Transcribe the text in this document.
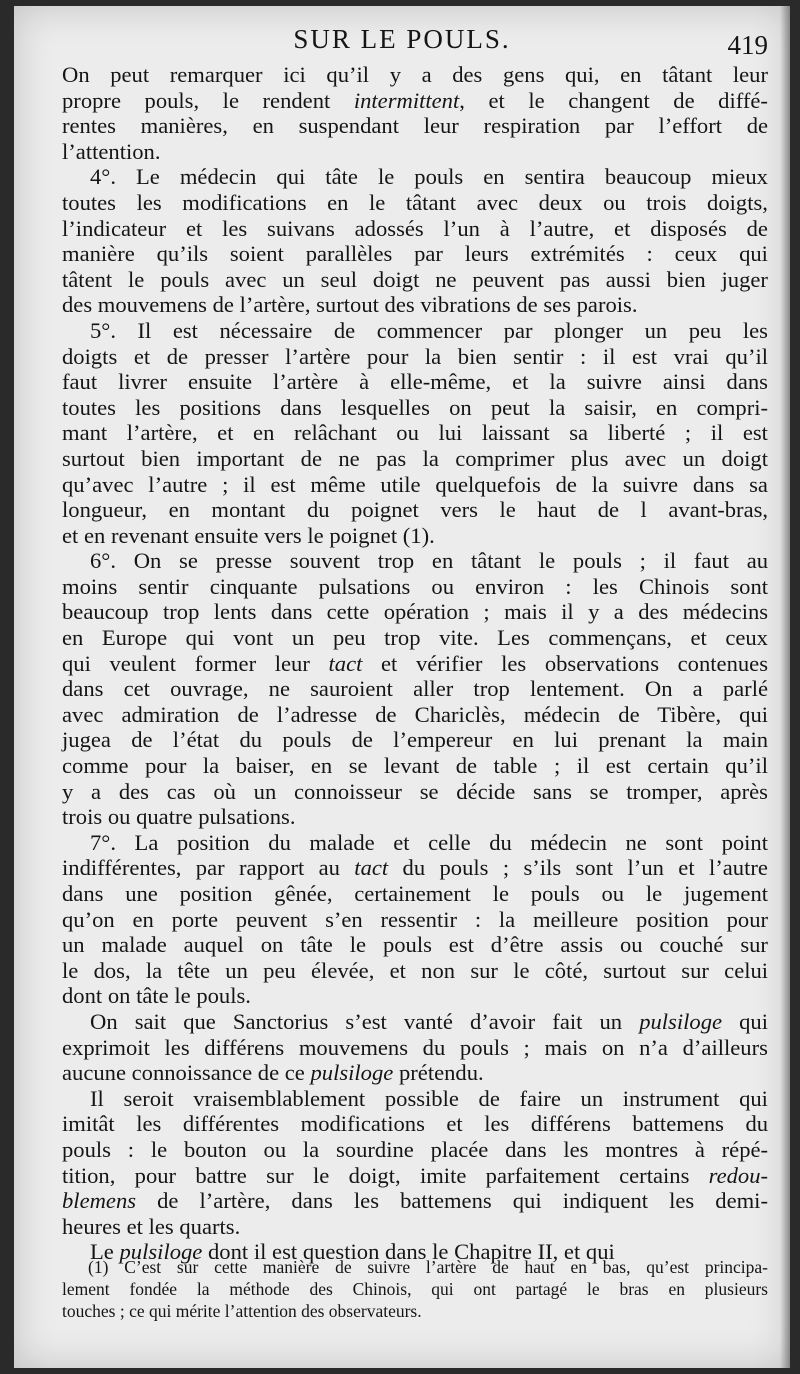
SUR LE POULS.	419
On peut remarquer ici qu’il y a des gens qui, en tâtant leur
propre pouls, le rendent intermittent, et le changent de diffé-
rentes manières, en suspendant leur respiration par l’effort de
l’attention.
4°. Le médecin qui tâte le pouls en sentira beaucoup mieux
toutes les modifications en le tâtant avec deux ou trois doigts,
l’indicateur et les suivans adossés l’un à l’autre, et disposés de
manière qu’ils soient parallèles par leurs extrémités : ceux qui
tâtent le pouls avec un seul doigt ne peuvent pas aussi bien juger
des mouvemens de l’artère, surtout des vibrations de ses parois.
5°. Il est nécessaire de commencer par plonger un peu les
doigts et de presser l’artère pour la bien sentir : il est vrai qu’il
faut livrer ensuite l’artère à elle-même, et la suivre ainsi dans
toutes les positions dans lesquelles on peut la saisir, en compri-
mant l’artère, et en relâchant ou lui laissant sa liberté ; il est
surtout bien important de ne pas la comprimer plus avec un doigt
qu’avec l’autre ; il est même utile quelquefois de la suivre dans sa
longueur, en montant du poignet vers le haut de l avant-bras,
et en revenant ensuite vers le poignet (1).
6°. On se presse souvent trop en tâtant le pouls ; il faut au
moins sentir cinquante pulsations ou environ : les Chinois sont
beaucoup trop lents dans cette opération ; mais il y a des médecins
en Europe qui vont un peu trop vite. Les commençans, et ceux
qui veulent former leur tact et vérifier les observations contenues
dans cet ouvrage, ne sauroient aller trop lentement. On a parlé
avec admiration de l’adresse de Chariclès, médecin de Tibère, qui
jugea de l’état du pouls de l’empereur en lui prenant la main
comme pour la baiser, en se levant de table ; il est certain qu’il
y a des cas où un connoisseur se décide sans se tromper, après
trois ou quatre pulsations.
7°. La position du malade et celle du médecin ne sont point
indifférentes, par rapport au tact du pouls ; s’ils sont l’un et l’autre
dans une position gênée, certainement le pouls ou le jugement
qu’on en porte peuvent s’en ressentir : la meilleure position pour
un malade auquel on tâte le pouls est d’être assis ou couché sur
le dos, la tête un peu élevée, et non sur le côté, surtout sur celui
dont on tâte le pouls.
On sait que Sanctorius s’est vanté d’avoir fait un pulsiloge qui
exprimoit les différens mouvemens du pouls ; mais on n’a d’ailleurs
aucune connoissance de ce pulsiloge prétendu.
Il seroit vraisemblablement possible de faire un instrument qui
imitât les différentes modifications et les différens battemens du
pouls : le bouton ou la sourdine placée dans les montres à répé-
tition, pour battre sur le doigt, imite parfaitement certains redou-
blemens de l’artère, dans les battemens qui indiquent les demi-
heures et les quarts.
Le pulsiloge dont il est question dans le Chapitre II, et qui
(1) C’est sur cette manière de suivre l’artère de haut en bas, qu’est principa-
lement fondée la méthode des Chinois, qui ont partagé le bras en plusieurs
touches ; ce qui mérite l’attention des observateurs.
